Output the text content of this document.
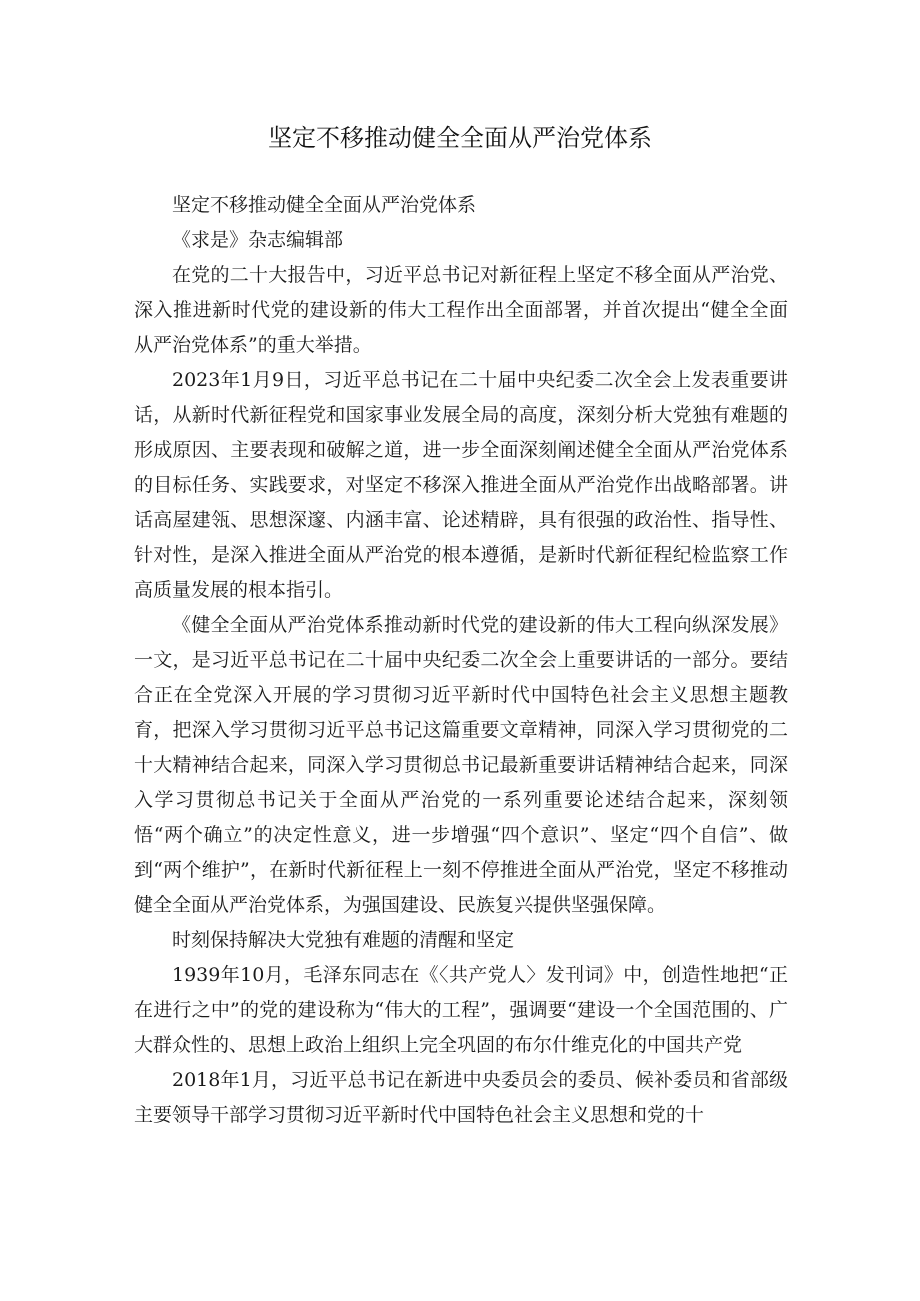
坚定不移推动健全全面从严治党体系

坚定不移推动健全全面从严治党体系

《求是》杂志编辑部

在党的二十大报告中，习近平总书记对新征程上坚定不移全面从严治党、深入推进新时代党的建设新的伟大工程作出全面部署，并首次提出“健全全面从严治党体系”的重大举措。

2023年1月9日，习近平总书记在二十届中央纪委二次全会上发表重要讲话，从新时代新征程党和国家事业发展全局的高度，深刻分析大党独有难题的形成原因、主要表现和破解之道，进一步全面深刻阐述健全全面从严治党体系的目标任务、实践要求，对坚定不移深入推进全面从严治党作出战略部署。讲话高屋建瓴、思想深邃、内涵丰富、论述精辟，具有很强的政治性、指导性、针对性，是深入推进全面从严治党的根本遵循，是新时代新征程纪检监察工作高质量发展的根本指引。

《健全全面从严治党体系推动新时代党的建设新的伟大工程向纵深发展》一文，是习近平总书记在二十届中央纪委二次全会上重要讲话的一部分。要结合正在全党深入开展的学习贯彻习近平新时代中国特色社会主义思想主题教育，把深入学习贯彻习近平总书记这篇重要文章精神，同深入学习贯彻党的二十大精神结合起来，同深入学习贯彻总书记最新重要讲话精神结合起来，同深入学习贯彻总书记关于全面从严治党的一系列重要论述结合起来，深刻领悟“两个确立”的决定性意义，进一步增强“四个意识”、坚定“四个自信”、做到“两个维护”，在新时代新征程上一刻不停推进全面从严治党，坚定不移推动健全全面从严治党体系，为强国建设、民族复兴提供坚强保障。

时刻保持解决大党独有难题的清醒和坚定

1939年10月，毛泽东同志在《〈共产党人〉发刊词》中，创造性地把“正在进行之中”的党的建设称为“伟大的工程”，强调要“建设一个全国范围的、广大群众性的、思想上政治上组织上完全巩固的布尔什维克化的中国共产党

2018年1月，习近平总书记在新进中央委员会的委员、候补委员和省部级主要领导干部学习贯彻习近平新时代中国特色社会主义思想和党的十
